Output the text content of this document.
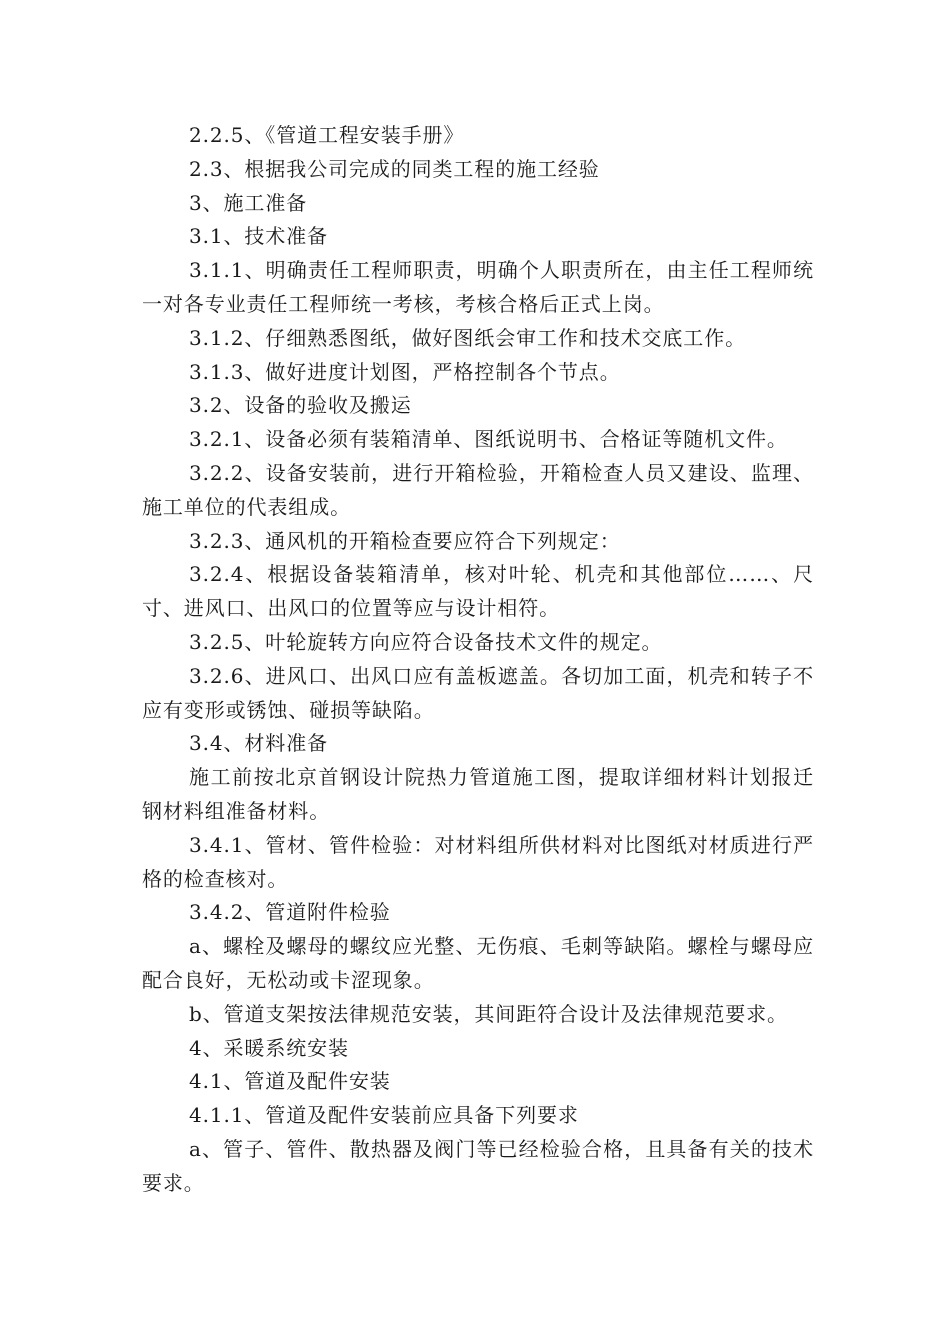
2.2.5、《管道工程安装手册》

2.3、根据我公司完成的同类工程的施工经验

3、施工准备

3.1、技术准备

3.1.1、明确责任工程师职责，明确个人职责所在，由主任工程师统一对各专业责任工程师统一考核，考核合格后正式上岗。

3.1.2、仔细熟悉图纸，做好图纸会审工作和技术交底工作。

3.1.3、做好进度计划图，严格控制各个节点。

3.2、设备的验收及搬运

3.2.1、设备必须有装箱清单、图纸说明书、合格证等随机文件。

3.2.2、设备安装前，进行开箱检验，开箱检查人员又建设、监理、施工单位的代表组成。

3.2.3、通风机的开箱检查要应符合下列规定：

3.2.4、根据设备装箱清单，核对叶轮、机壳和其他部位……、尺寸、进风口、出风口的位置等应与设计相符。

3.2.5、叶轮旋转方向应符合设备技术文件的规定。

3.2.6、进风口、出风口应有盖板遮盖。各切加工面，机壳和转子不应有变形或锈蚀、碰损等缺陷。

3.4、材料准备

施工前按北京首钢设计院热力管道施工图，提取详细材料计划报迁钢材料组准备材料。

3.4.1、管材、管件检验：对材料组所供材料对比图纸对材质进行严格的检查核对。

3.4.2、管道附件检验

a、螺栓及螺母的螺纹应光整、无伤痕、毛刺等缺陷。螺栓与螺母应配合良好，无松动或卡涩现象。

b、管道支架按法律规范安装，其间距符合设计及法律规范要求。

4、采暖系统安装

4.1、管道及配件安装

4.1.1、管道及配件安装前应具备下列要求

a、管子、管件、散热器及阀门等已经检验合格，且具备有关的技术要求。
